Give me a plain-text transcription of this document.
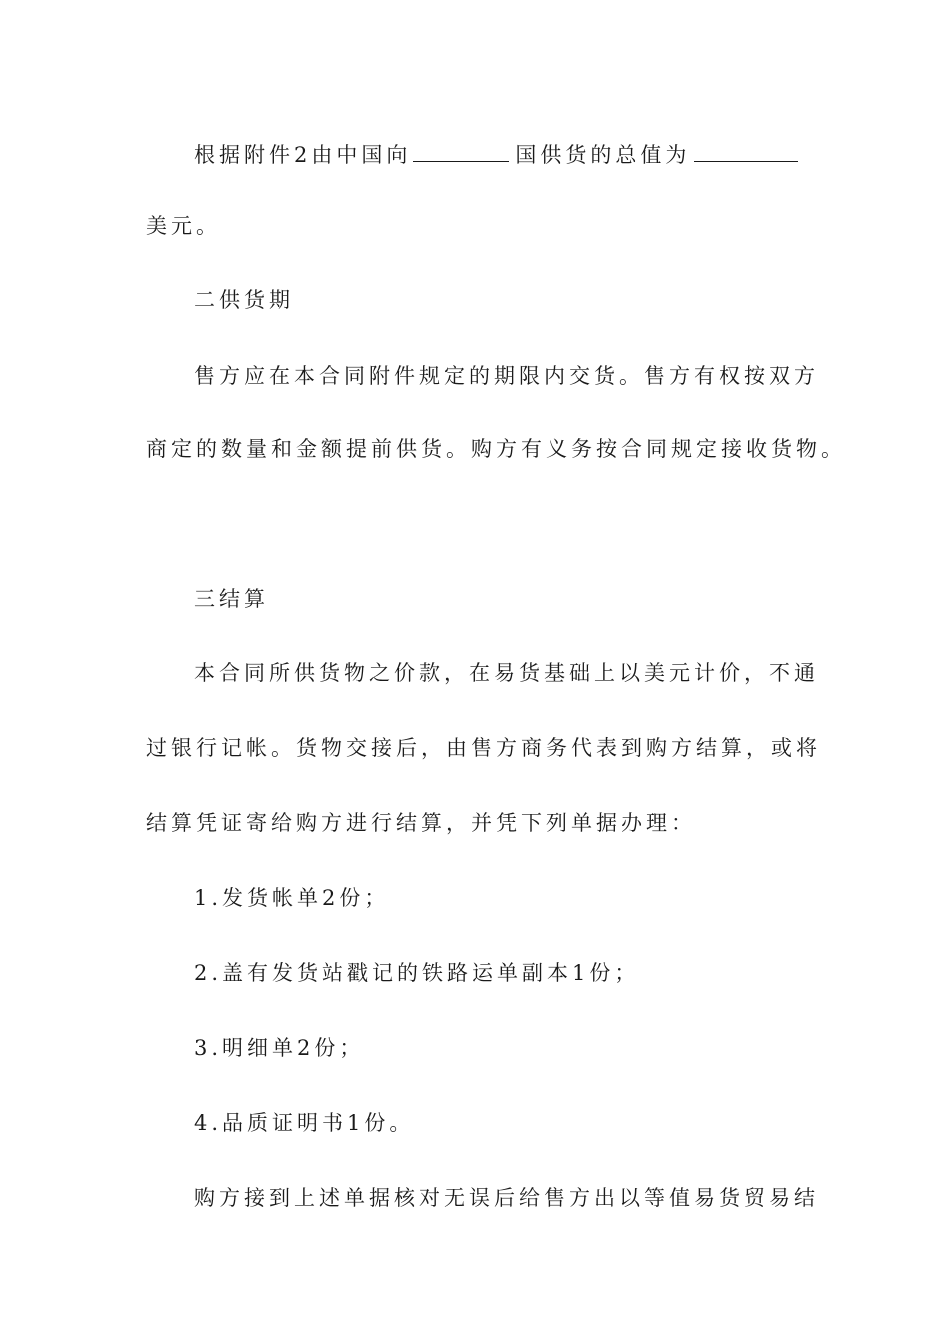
根据附件2由中国向	国供货的总值为
美元。
二供货期
售方应在本合同附件规定的期限内交货。售方有权按双方
商定的数量和金额提前供货。购方有义务按合同规定接收货物。
三结算
本合同所供货物之价款，在易货基础上以美元计价，不通
过银行记帐。货物交接后，由售方商务代表到购方结算，或将
结算凭证寄给购方进行结算，并凭下列单据办理：
1.发货帐单2份；
2.盖有发货站戳记的铁路运单副本1份；
3.明细单2份；
4.品质证明书1份。
购方接到上述单据核对无误后给售方出以等值易货贸易结
